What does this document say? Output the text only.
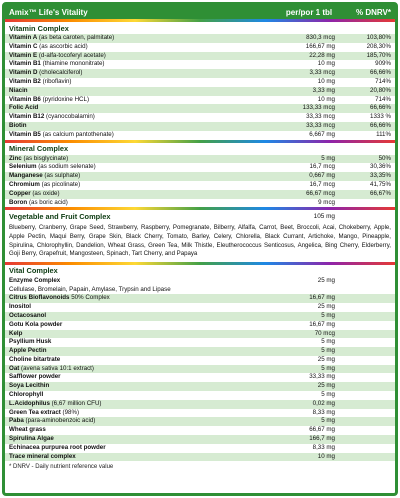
Amix™ Life's Vitality	per/por 1 tbl	% DNRV*
Vitamin Complex
Vitamin A (as beta caroten, palmitate)	830,3 mcg	103,80%
Vitamin C (as ascorbic acid)	166,67 mg	208,30%
Vitamin E (d-alfa-tocoferyl acetate)	22,28 mg	185,70%
Vitamin B1 (thiamine mononitrate)	10 mg	909%
Vitamin D (cholecalciferol)	3,33 mcg	66,66%
Vitamin B2 (riboflavin)	10 mg	714%
Niacin	3,33 mg	20,80%
Vitamin B6 (pyridoxine HCL)	10 mg	714%
Folic Acid	133,33 mcg	66,66%
Vitamin B12 (cyanocobalamin)	33,33 mcg	1333 %
Biotin	33,33 mcg	66,66%
Vitamin B5 (as calcium pantothenate)	6,667 mg	111%
Mineral Complex
Zinc (as bisglycinate)	5 mg	50%
Selenium (as sodium selenate)	16,7 mcg	30,36%
Manganese (as sulphate)	0,667 mg	33,35%
Chromium (as picolinate)	16,7 mcg	41,75%
Copper (as oxide)	66,67 mcg	66,67%
Boron (as boric acid)	9 mcg
Vegetable and Fruit Complex	105 mg
Blueberry, Cranberry, Grape Seed, Strawberry, Raspberry, Pomegranate, Bilberry, Alfalfa, Carrot, Beet, Broccoli, Acai, Chokeberry, Apple, Apple Pectin, Maqui Berry, Grape Skin, Black Cherry, Tomato, Barley, Celery, Chlorella, Black Currant, Artichoke, Mango, Pineapple, Spirulina, Chlorophyllin, Dandelion, Wheat Grass, Green Tea, Milk Thistle, Eleutherococcus Senticosus, Angelica, Bing Cherry, Elderberry, Goji Berry, Grapefruit, Mangosteen, Spinach, Tart Cherry, and Papaya
Vital Complex
Enzyme Complex	25 mg
Cellulase, Bromelain, Papain, Amylase, Trypsin and Lipase
Citrus Bioflavonoids 50% Complex	16,67 mg
Inositol	25 mg
Octacosanol	5 mg
Gotu Kola powder	16,67 mg
Kelp	70 mcg
Psyllium Husk	5 mg
Apple Pectin	5 mg
Choline bitartrate	25 mg
Oat (avena sativa 10:1 extract)	5 mg
Safflower powder	33,33 mg
Soya Lecithin	25 mg
Chlorophyll	5 mg
L.Acidophilus (6,67 million CFU)	0,02 mg
Green Tea extract (98%)	8,33 mg
Paba (para-aminobenzoic acid)	5 mg
Wheat grass	66,67 mg
Spirulina Algae	166,7 mg
Echinacea purpurea root powder	8,33 mg
Trace mineral complex	10 mg
* DNRV - Daily nutrient reference value
